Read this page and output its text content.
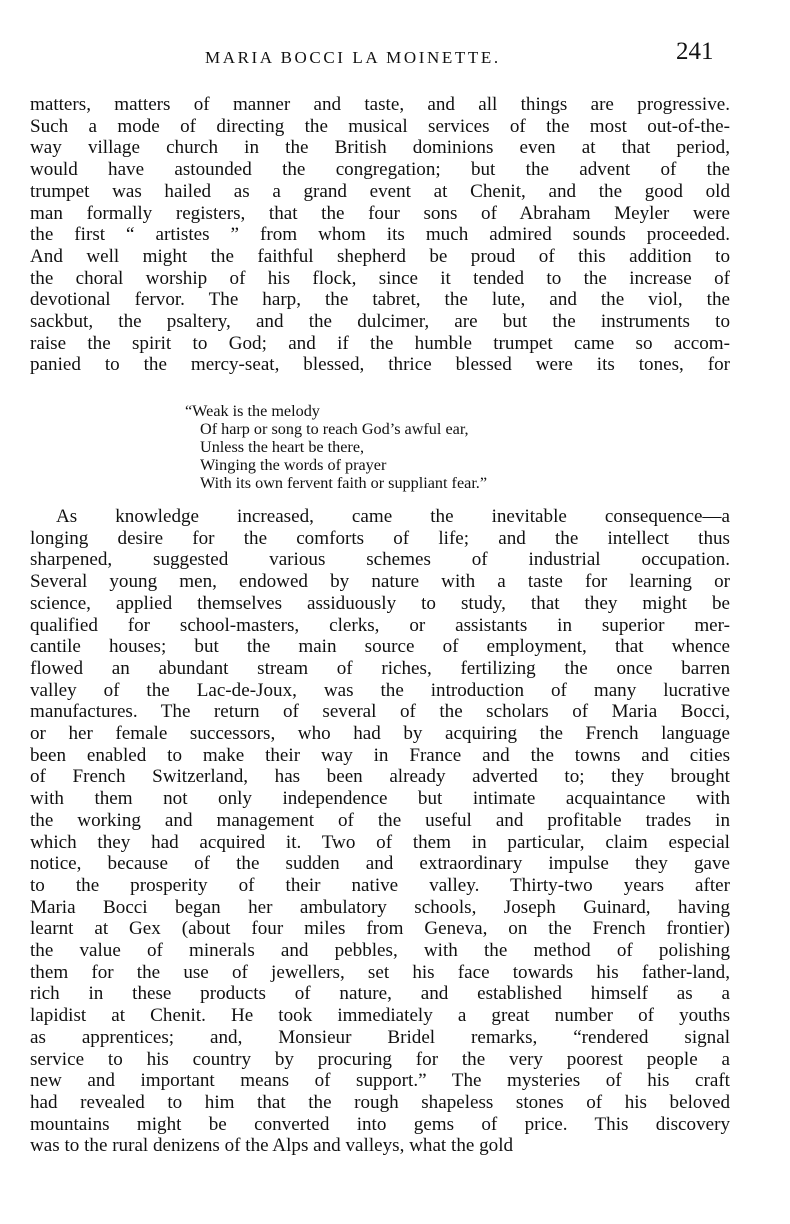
MARIA BOCCI LA MOINETTE.	241
matters, matters of manner and taste, and all things are progressive.
Such a mode of directing the musical services of the most out-of-the-
way village church in the British dominions even at that period,
would have astounded the congregation; but the advent of the
trumpet was hailed as a grand event at Chenit, and the good old
man formally registers, that the four sons of Abraham Meyler were
the first “ artistes ” from whom its much admired sounds proceeded.
And well might the faithful shepherd be proud of this addition to
the choral worship of his flock, since it tended to the increase of
devotional fervor. The harp, the tabret, the lute, and the viol, the
sackbut, the psaltery, and the dulcimer, are but the instruments to
raise the spirit to God; and if the humble trumpet came so accom-
panied to the mercy-seat, blessed, thrice blessed were its tones, for
“Weak is the melody
Of harp or song to reach God’s awful ear,
Unless the heart be there,
Winging the words of prayer
With its own fervent faith or suppliant fear.”
As knowledge increased, came the inevitable consequence—a
longing desire for the comforts of life; and the intellect thus
sharpened, suggested various schemes of industrial occupation.
Several young men, endowed by nature with a taste for learning or
science, applied themselves assiduously to study, that they might be
qualified for school-masters, clerks, or assistants in superior mer-
cantile houses; but the main source of employment, that whence
flowed an abundant stream of riches, fertilizing the once barren
valley of the Lac-de-Joux, was the introduction of many lucrative
manufactures. The return of several of the scholars of Maria Bocci,
or her female successors, who had by acquiring the French language
been enabled to make their way in France and the towns and cities
of French Switzerland, has been already adverted to; they brought
with them not only independence but intimate acquaintance with
the working and management of the useful and profitable trades in
which they had acquired it. Two of them in particular, claim especial
notice, because of the sudden and extraordinary impulse they gave
to the prosperity of their native valley. Thirty-two years after
Maria Bocci began her ambulatory schools, Joseph Guinard, having
learnt at Gex (about four miles from Geneva, on the French frontier)
the value of minerals and pebbles, with the method of polishing
them for the use of jewellers, set his face towards his father-land,
rich in these products of nature, and established himself as a
lapidist at Chenit. He took immediately a great number of youths
as apprentices; and, Monsieur Bridel remarks, “rendered signal
service to his country by procuring for the very poorest people a
new and important means of support.” The mysteries of his craft
had revealed to him that the rough shapeless stones of his beloved
mountains might be converted into gems of price. This discovery
was to the rural denizens of the Alps and valleys, what the gold
